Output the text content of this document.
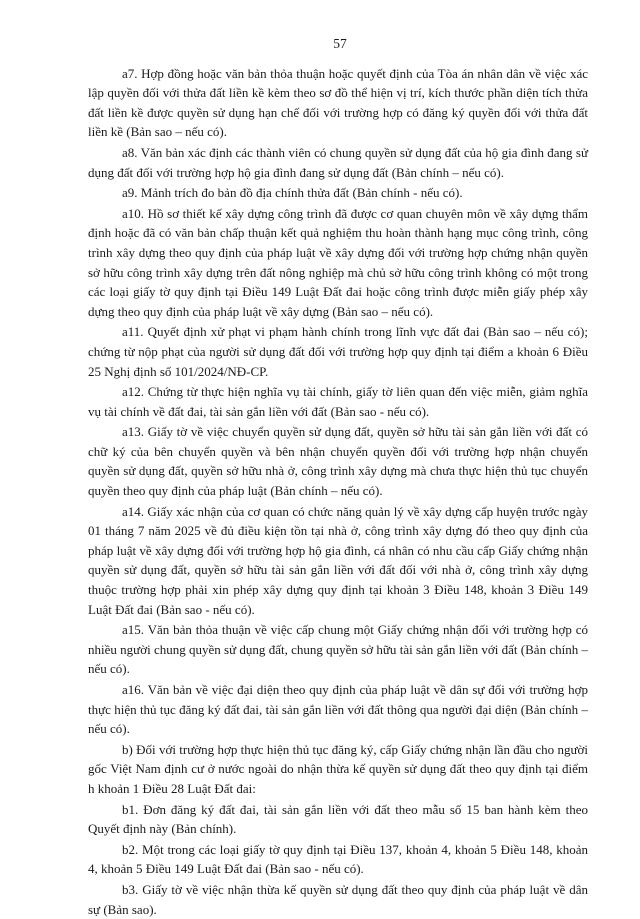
57

a7. Hợp đồng hoặc văn bản thỏa thuận hoặc quyết định của Tòa án nhân dân về việc xác lập quyền đối với thửa đất liền kề kèm theo sơ đồ thể hiện vị trí, kích thước phần diện tích thửa đất liền kề được quyền sử dụng hạn chế đối với trường hợp có đăng ký quyền đối với thửa đất liền kề (Bản sao – nếu có).

a8. Văn bản xác định các thành viên có chung quyền sử dụng đất của hộ gia đình đang sử dụng đất đối với trường hợp hộ gia đình đang sử dụng đất (Bản chính – nếu có).

a9. Mảnh trích đo bản đồ địa chính thửa đất (Bản chính - nếu có).

a10. Hồ sơ thiết kế xây dựng công trình đã được cơ quan chuyên môn về xây dựng thẩm định hoặc đã có văn bản chấp thuận kết quả nghiệm thu hoàn thành hạng mục công trình, công trình xây dựng theo quy định của pháp luật về xây dựng đối với trường hợp chứng nhận quyền sở hữu công trình xây dựng trên đất nông nghiệp mà chủ sở hữu công trình không có một trong các loại giấy tờ quy định tại Điều 149 Luật Đất đai hoặc công trình được miễn giấy phép xây dựng theo quy định của pháp luật về xây dựng (Bản sao – nếu có).

a11. Quyết định xử phạt vi phạm hành chính trong lĩnh vực đất đai (Bản sao – nếu có); chứng từ nộp phạt của người sử dụng đất đối với trường hợp quy định tại điểm a khoản 6 Điều 25 Nghị định số 101/2024/NĐ-CP.

a12. Chứng từ thực hiện nghĩa vụ tài chính, giấy tờ liên quan đến việc miễn, giảm nghĩa vụ tài chính về đất đai, tài sản gắn liền với đất (Bản sao - nếu có).

a13. Giấy tờ về việc chuyển quyền sử dụng đất, quyền sở hữu tài sản gắn liền với đất có chữ ký của bên chuyển quyền và bên nhận chuyển quyền đối với trường hợp nhận chuyển quyền sử dụng đất, quyền sở hữu nhà ở, công trình xây dựng mà chưa thực hiện thủ tục chuyển quyền theo quy định của pháp luật (Bản chính – nếu có).

a14. Giấy xác nhận của cơ quan có chức năng quản lý về xây dựng cấp huyện trước ngày 01 tháng 7 năm 2025 về đủ điều kiện tồn tại nhà ở, công trình xây dựng đó theo quy định của pháp luật về xây dựng đối với trường hợp hộ gia đình, cá nhân có nhu cầu cấp Giấy chứng nhận quyền sử dụng đất, quyền sở hữu tài sản gắn liền với đất đối với nhà ở, công trình xây dựng thuộc trường hợp phải xin phép xây dựng quy định tại khoản 3 Điều 148, khoản 3 Điều 149 Luật Đất đai (Bản sao - nếu có).

a15. Văn bản thỏa thuận về việc cấp chung một Giấy chứng nhận đối với trường hợp có nhiều người chung quyền sử dụng đất, chung quyền sở hữu tài sản gắn liền với đất (Bản chính – nếu có).

a16. Văn bản về việc đại diện theo quy định của pháp luật về dân sự đối với trường hợp thực hiện thủ tục đăng ký đất đai, tài sản gắn liền với đất thông qua người đại diện (Bản chính – nếu có).

b) Đối với trường hợp thực hiện thủ tục đăng ký, cấp Giấy chứng nhận lần đầu cho người gốc Việt Nam định cư ở nước ngoài do nhận thừa kế quyền sử dụng đất theo quy định tại điểm h khoản 1 Điều 28 Luật Đất đai:

b1. Đơn đăng ký đất đai, tài sản gắn liền với đất theo mẫu số 15 ban hành kèm theo Quyết định này (Bản chính).

b2. Một trong các loại giấy tờ quy định tại Điều 137, khoản 4, khoản 5 Điều 148, khoản 4, khoản 5 Điều 149 Luật Đất đai (Bản sao - nếu có).

b3. Giấy tờ về việc nhận thừa kế quyền sử dụng đất theo quy định của pháp luật về dân sự (Bản sao).
